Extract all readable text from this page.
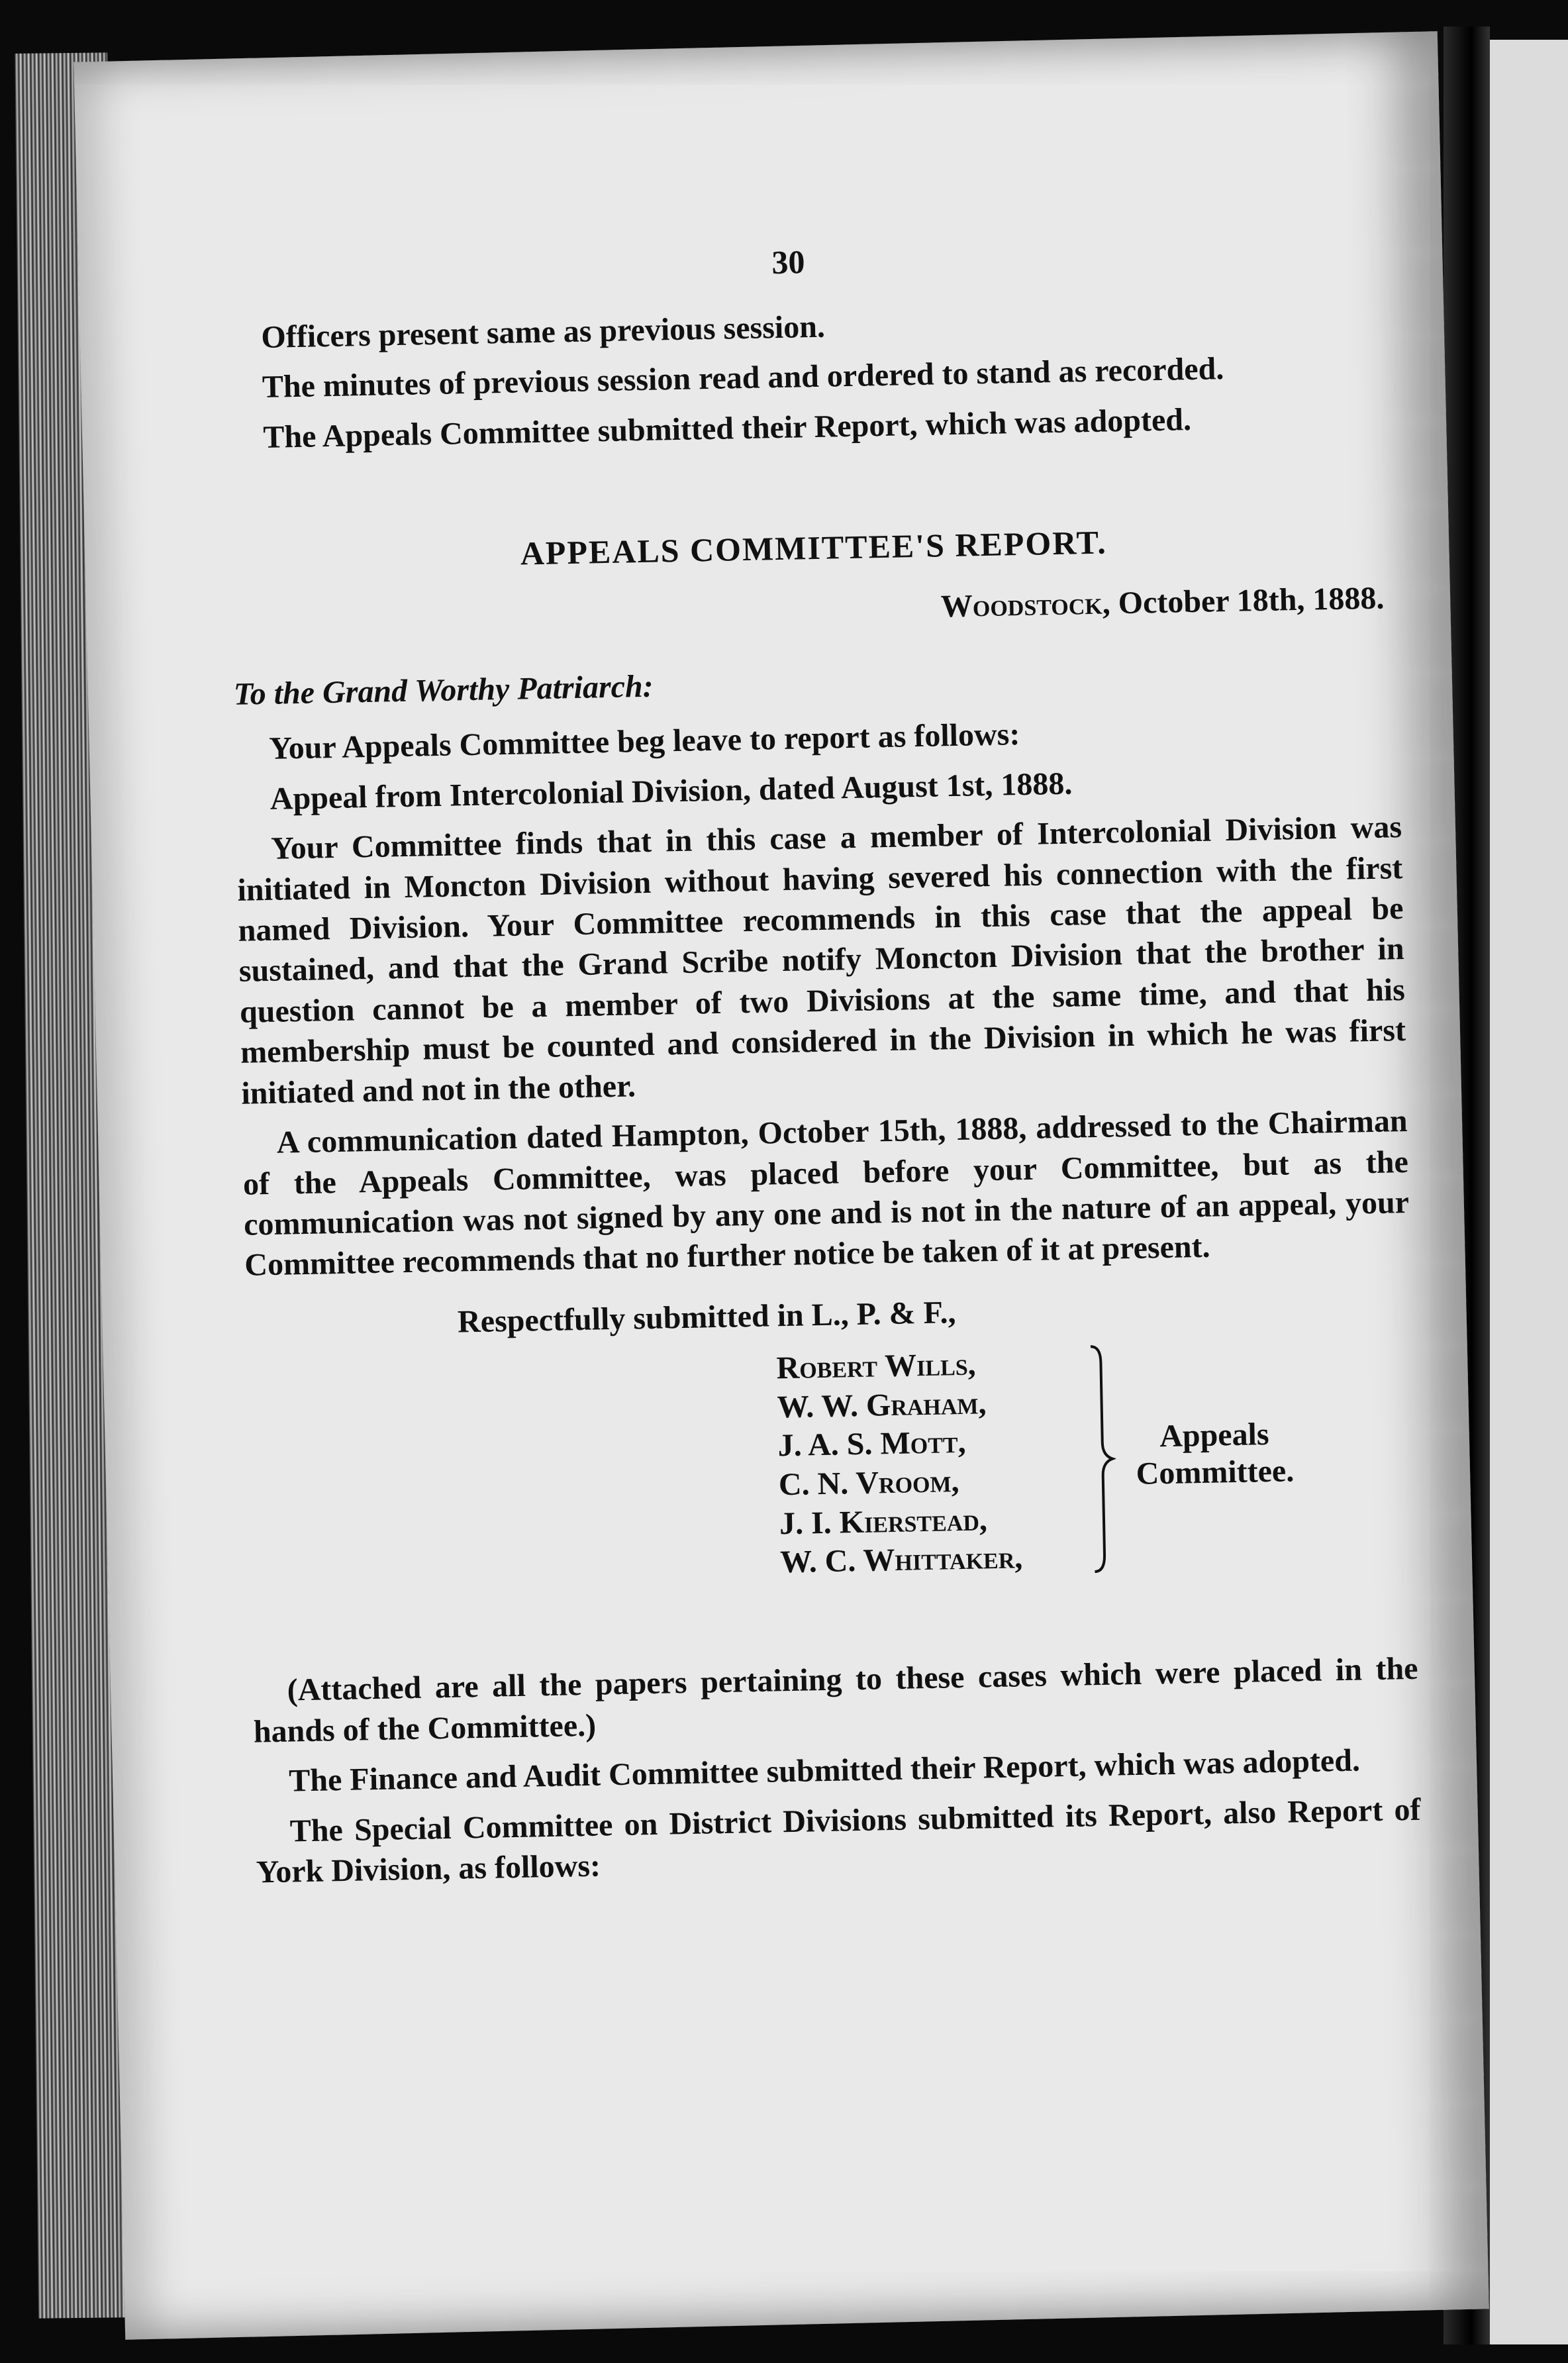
30

Officers present same as previous session.

The minutes of previous session read and ordered to stand as recorded.

The Appeals Committee submitted their Report, which was adopted.

APPEALS COMMITTEE'S REPORT.
Woodstock, October 18th, 1888.
To the Grand Worthy Patriarch:

Your Appeals Committee beg leave to report as follows:

Appeal from Intercolonial Division, dated August 1st, 1888.

Your Committee finds that in this case a member of Intercolonial Division was initiated in Moncton Division without having severed his connection with the first named Division. Your Committee recommends in this case that the appeal be sustained, and that the Grand Scribe notify Moncton Division that the brother in question cannot be a member of two Divisions at the same time, and that his membership must be counted and considered in the Division in which he was first initiated and not in the other.

A communication dated Hampton, October 15th, 1888, addressed to the Chairman of the Appeals Committee, was placed before your Committee, but as the communication was not signed by any one and is not in the nature of an appeal, your Committee recommends that no further notice be taken of it at present.

Respectfully submitted in L., P. & F.,
Robert Wills,
W. W. Graham,
J. A. S. Mott,
C. N. Vroom,
J. I. Kierstead,
W. C. Whittaker,
Appeals
Committee.

(Attached are all the papers pertaining to these cases which were placed in the hands of the Committee.)

The Finance and Audit Committee submitted their Report, which was adopted.

The Special Committee on District Divisions submitted its Report, also Report of York Division, as follows:
